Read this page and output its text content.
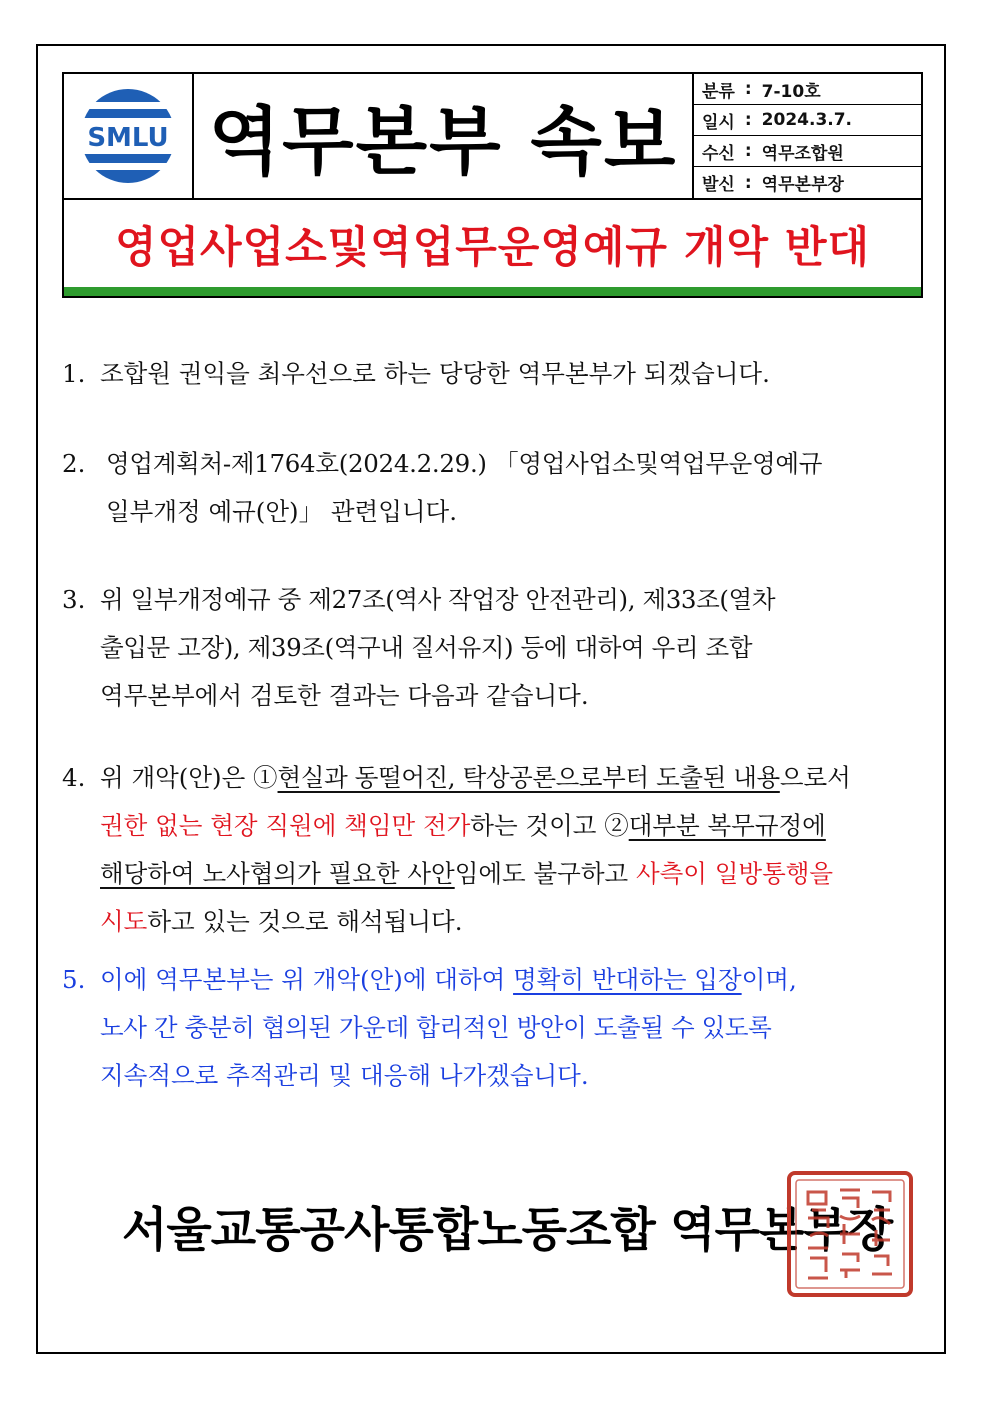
SMLU 역무본부 속보
분류 : 7-10호
일시 : 2024.3.7.
수신 : 역무조합원
발신 : 역무본부장
영업사업소및역업무운영예규 개악 반대
1. 조합원 권익을 최우선으로 하는 당당한 역무본부가 되겠습니다.
2. 영업계획처-제1764호(2024.2.29.) 「영업사업소및역업무운영예규
일부개정 예규(안)」 관련입니다.
3. 위 일부개정예규 중 제27조(역사 작업장 안전관리), 제33조(열차
출입문 고장), 제39조(역구내 질서유지) 등에 대하여 우리 조합
역무본부에서 검토한 결과는 다음과 같습니다.
4. 위 개악(안)은 ① 현실과 동떨어진, 탁상공론으로부터 도출된 내용 으로서
권한 없는 현장 직원에 책임만 전가 하는 것이고 ② 대부분 복무규정에
해당하여 노사협의가 필요한 사안 임에도 불구하고 사측이 일방통행을
시도 하고 있는 것으로 해석됩니다.
5. 이에 역무본부는 위 개악(안)에 대하여 명확히 반대하는 입장 이며,
노사 간 충분히 협의된 가운데 합리적인 방안이 도출될 수 있도록
지속적으로 추적관리 및 대응해 나가겠습니다.
서울교통공사통합노동조합 역무본부장
